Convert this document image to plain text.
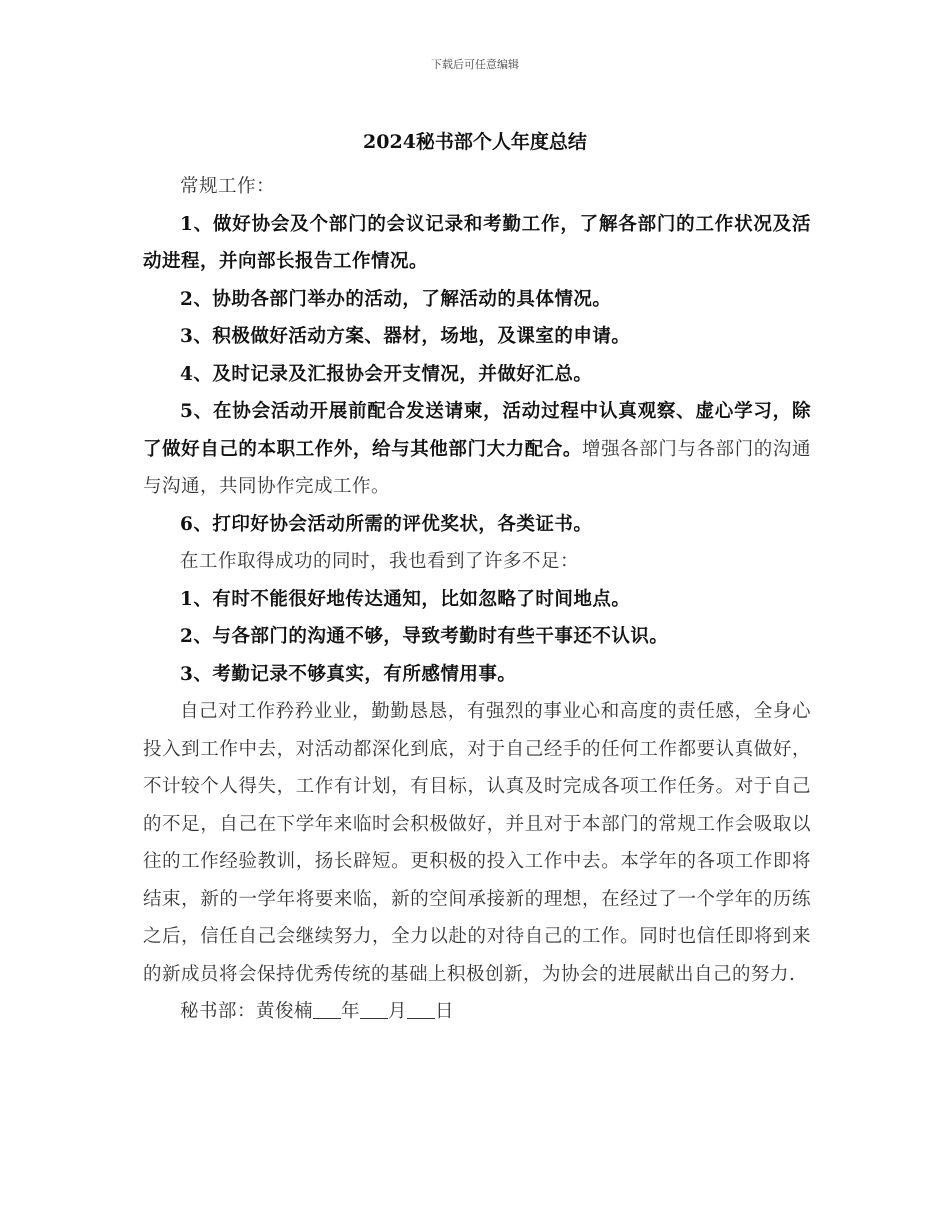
下载后可任意编辑
2024秘书部个人年度总结

常规工作：

1、做好协会及个部门的会议记录和考勤工作，了解各部门的工作状况及活动进程，并向部长报告工作情况。

2、协助各部门举办的活动，了解活动的具体情况。

3、积极做好活动方案、器材，场地，及课室的申请。

4、及时记录及汇报协会开支情况，并做好汇总。

5、在协会活动开展前配合发送请柬，活动过程中认真观察、虚心学习，除了做好自己的本职工作外，给与其他部门大力配合。增强各部门与各部门的沟通与沟通，共同协作完成工作。

6、打印好协会活动所需的评优奖状，各类证书。

在工作取得成功的同时，我也看到了许多不足：

1、有时不能很好地传达通知，比如忽略了时间地点。

2、与各部门的沟通不够，导致考勤时有些干事还不认识。

3、考勤记录不够真实，有所感情用事。

自己对工作矜矜业业，勤勤恳恳，有强烈的事业心和高度的责任感，全身心投入到工作中去，对活动都深化到底，对于自己经手的任何工作都要认真做好，不计较个人得失，工作有计划，有目标，认真及时完成各项工作任务。对于自己的不足，自己在下学年来临时会积极做好，并且对于本部门的常规工作会吸取以往的工作经验教训，扬长辟短。更积极的投入工作中去。本学年的各项工作即将结束，新的一学年将要来临，新的空间承接新的理想，在经过了一个学年的历练之后，信任自己会继续努力，全力以赴的对待自己的工作。同时也信任即将到来的新成员将会保持优秀传统的基础上积极创新，为协会的进展献出自己的努力.

秘书部：黄俊楠 年 月 日
